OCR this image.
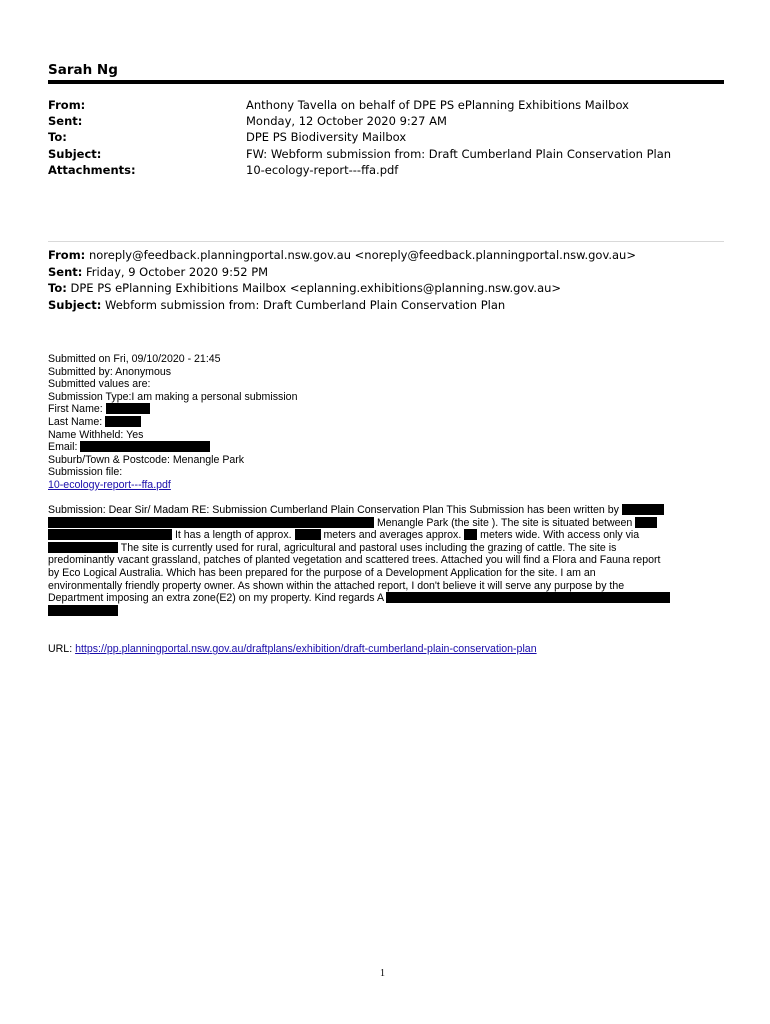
Sarah Ng
From:	Anthony Tavella on behalf of DPE PS ePlanning Exhibitions Mailbox
Sent:	Monday, 12 October 2020 9:27 AM
To:	DPE PS Biodiversity Mailbox
Subject:	FW: Webform submission from: Draft Cumberland Plain Conservation Plan
Attachments:	10-ecology-report---ffa.pdf
From: noreply@feedback.planningportal.nsw.gov.au <noreply@feedback.planningportal.nsw.gov.au>
Sent: Friday, 9 October 2020 9:52 PM
To: DPE PS ePlanning Exhibitions Mailbox <eplanning.exhibitions@planning.nsw.gov.au>
Subject: Webform submission from: Draft Cumberland Plain Conservation Plan
Submitted on Fri, 09/10/2020 - 21:45
Submitted by: Anonymous
Submitted values are:
Submission Type:I am making a personal submission
First Name:
Last Name:
Name Withheld: Yes
Email:
Suburb/Town & Postcode: Menangle Park
Submission file:
10-ecology-report---ffa.pdf
Submission: Dear Sir/ Madam RE: Submission Cumberland Plain Conservation Plan This Submission has been written by
Menangle Park (the site ). The site is situated between
It has a length of approx.	meters and averages approx. meters wide. With access only via
The site is currently used for rural, agricultural and pastoral uses including the grazing of cattle. The site is
predominantly vacant grassland, patches of planted vegetation and scattered trees. Attached you will find a Flora and Fauna report
by Eco Logical Australia. Which has been prepared for the purpose of a Development Application for the site. I am an
environmentally friendly property owner. As shown within the attached report, I don't believe it will serve any purpose by the
Department imposing an extra zone(E2) on my property. Kind regards A
URL: https://pp.planningportal.nsw.gov.au/draftplans/exhibition/draft-cumberland-plain-conservation-plan
1
